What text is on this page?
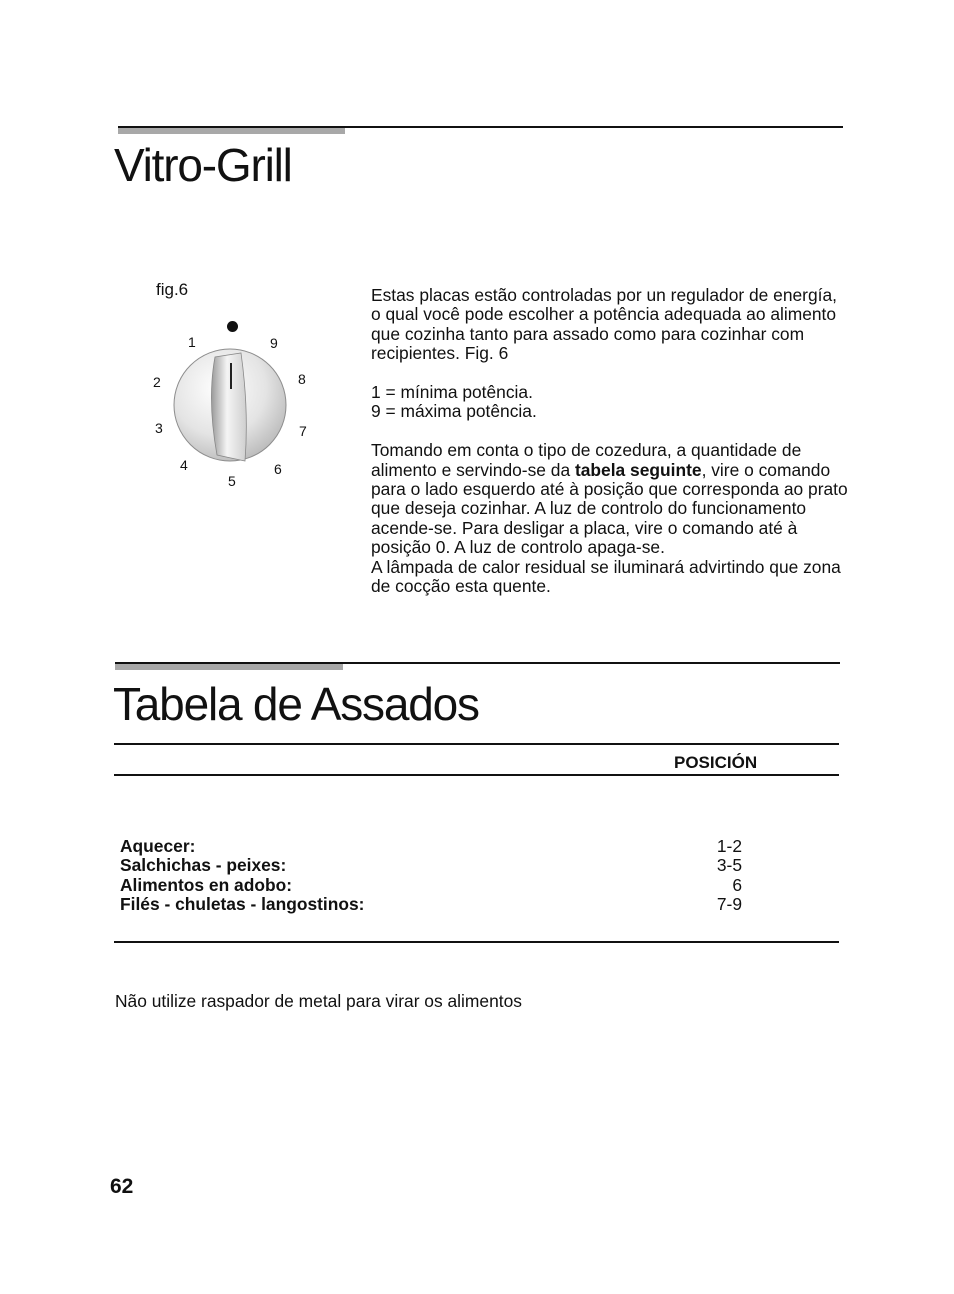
Vitro-Grill
fig.6
1
2
3
4
5
6
7
8
9

Estas placas estão controladas por un regulador de energía, o qual você pode escolher a potência adequada ao alimento que cozinha tanto para assado como para cozinhar com recipientes. Fig. 6

1 = mínima potência.

9 = máxima potência.

Tomando em conta o tipo de cozedura, a quantidade de alimento e servindo-se da tabela seguinte, vire o comando para o lado esquerdo até à posição que corresponda ao prato que deseja cozinhar. A luz de controlo do funcionamento acende-se. Para desligar a placa, vire o comando até à posição 0. A luz de controlo apaga-se.

A lâmpada de calor residual se iluminará advirtindo que zona de cocção esta quente.

Tabela de Assados
POSICIÓN
Aquecer:	1-2
Salchichas - peixes:	3-5
Alimentos en adobo:	6
Filés - chuletas - langostinos:	7-9
Não utilize raspador de metal para virar os alimentos
62
